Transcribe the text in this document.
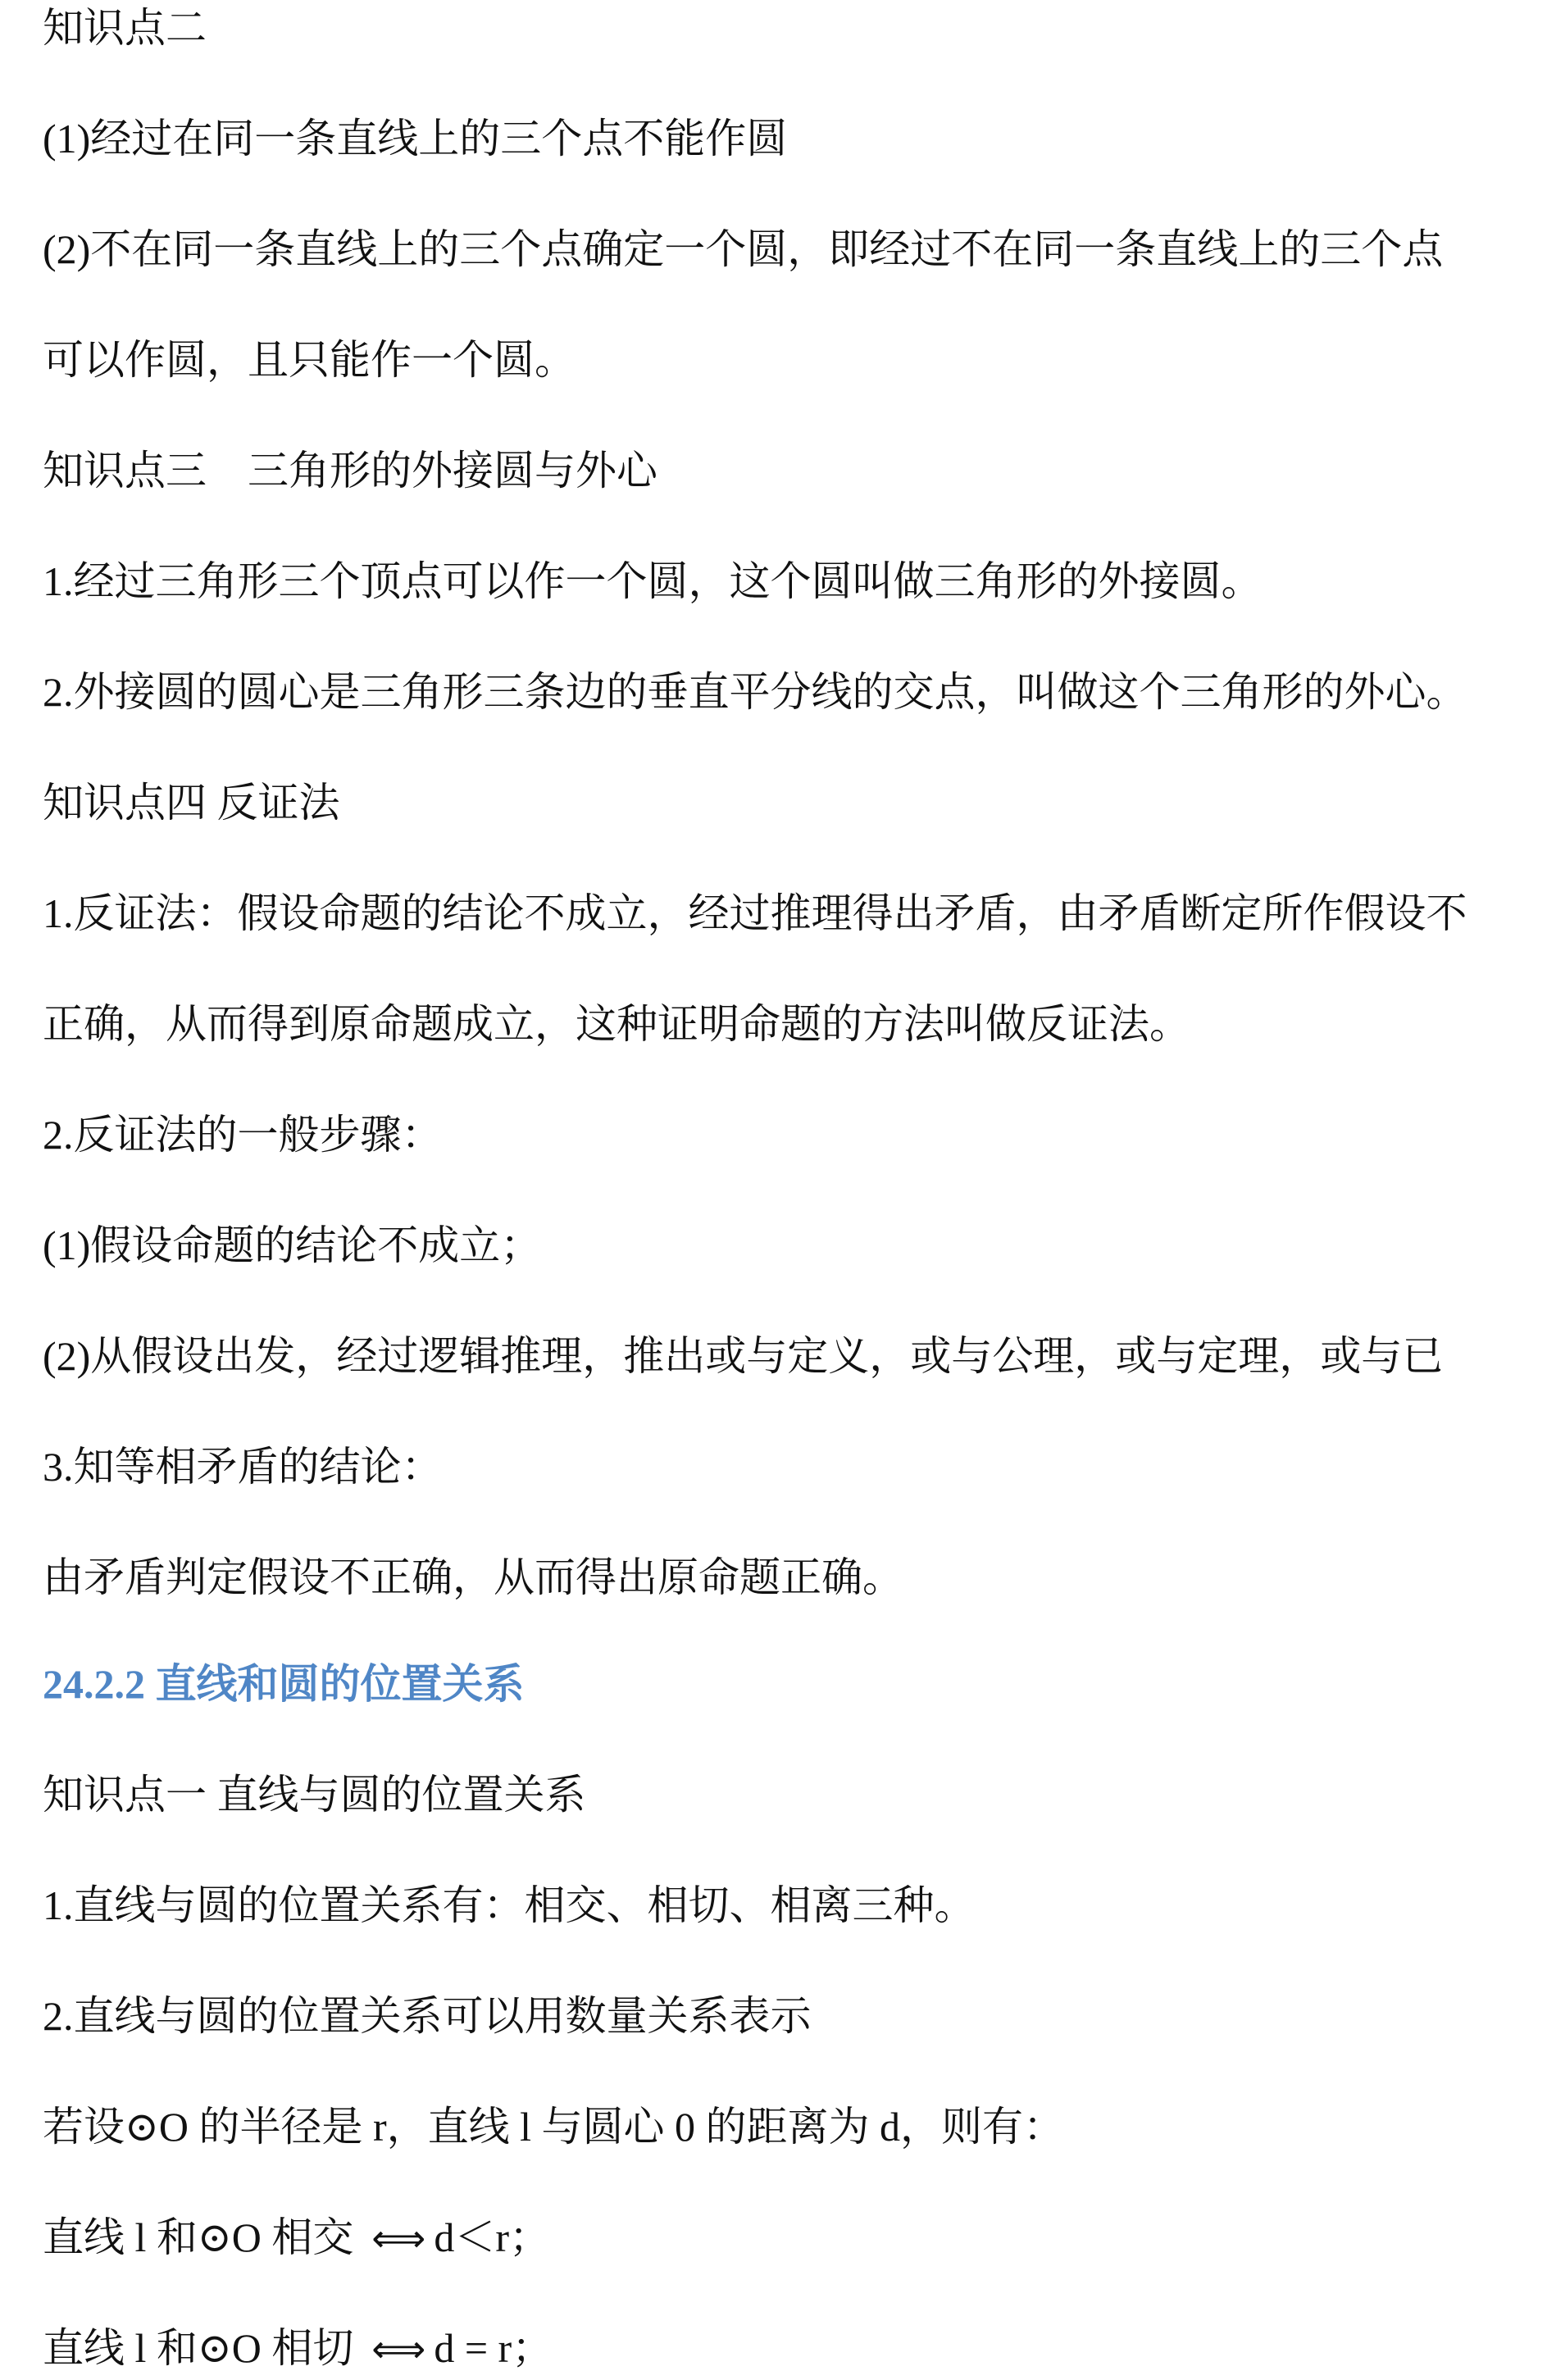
知识点二

(1)经过在同一条直线上的三个点不能作圆

(2)不在同一条直线上的三个点确定一个圆，即经过不在同一条直线上的三个点

可以作圆，且只能作一个圆。

知识点三　三角形的外接圆与外心

1.经过三角形三个顶点可以作一个圆，这个圆叫做三角形的外接圆。

2.外接圆的圆心是三角形三条边的垂直平分线的交点，叫做这个三角形的外心。

知识点四 反证法

1.反证法：假设命题的结论不成立，经过推理得出矛盾，由矛盾断定所作假设不

正确，从而得到原命题成立，这种证明命题的方法叫做反证法。

2.反证法的一般步骤：

(1)假设命题的结论不成立；

(2)从假设出发，经过逻辑推理，推出或与定义，或与公理，或与定理，或与已

3.知等相矛盾的结论：

由矛盾判定假设不正确，从而得出原命题正确。

24.2.2 直线和圆的位置关系

知识点一 直线与圆的位置关系

1.直线与圆的位置关系有：相交、相切、相离三种。

2.直线与圆的位置关系可以用数量关系表示

若设⊙O 的半径是 r，直线 l 与圆心 0 的距离为 d，则有：

直线 l 和⊙O 相交 ⟺ d＜r；

直线 l 和⊙O 相切 ⟺ d = r；
